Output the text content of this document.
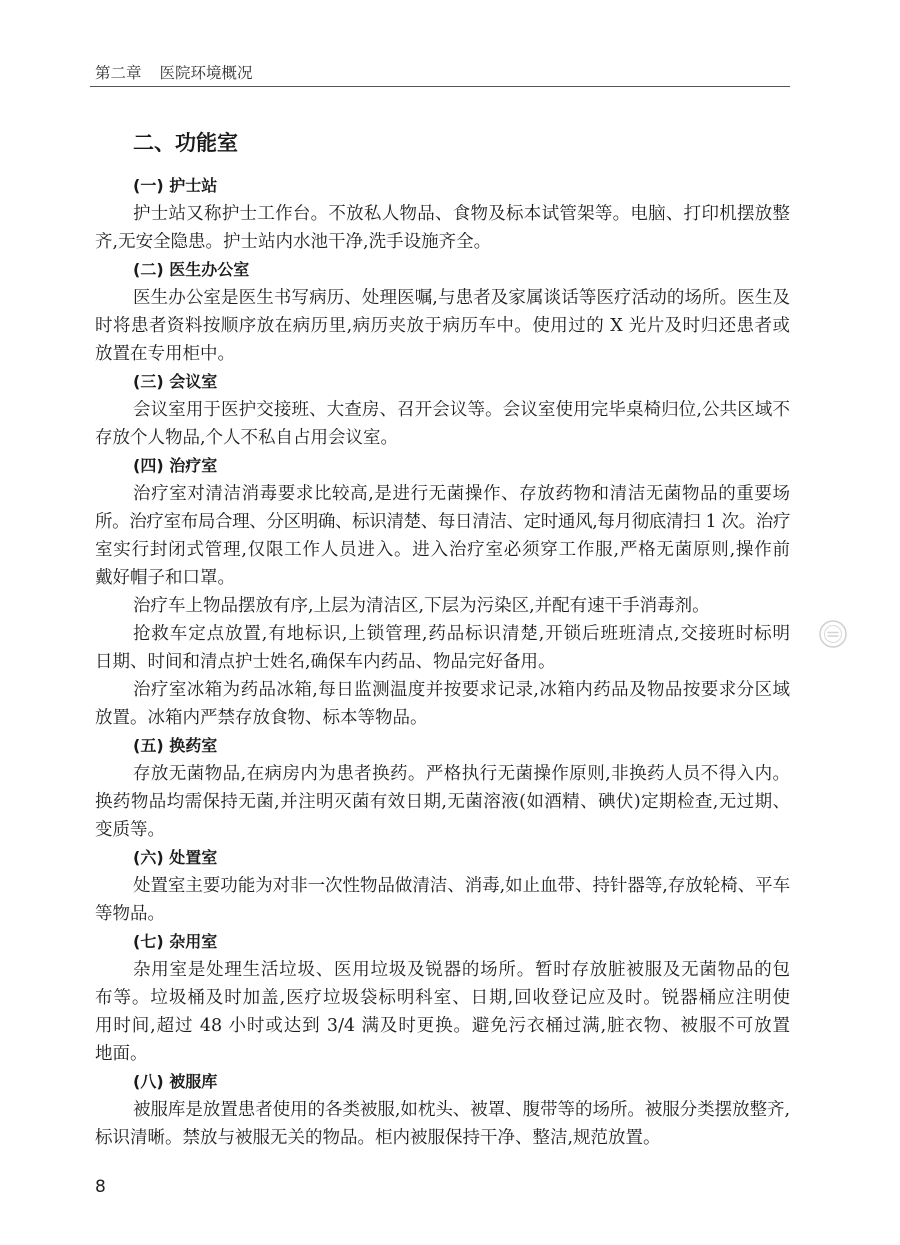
第二章 医院环境概况
二、功能室
(一) 护士站
护士站又称护士工作台。不放私人物品、食物及标本试管架等。电脑、打印机摆放整
齐,无安全隐患。护士站内水池干净,洗手设施齐全。
(二) 医生办公室
医生办公室是医生书写病历、处理医嘱,与患者及家属谈话等医疗活动的场所。医生及
时将患者资料按顺序放在病历里,病历夹放于病历车中。使用过的 X 光片及时归还患者或
放置在专用柜中。
(三) 会议室
会议室用于医护交接班、大查房、召开会议等。会议室使用完毕桌椅归位,公共区域不
存放个人物品,个人不私自占用会议室。
(四) 治疗室
治疗室对清洁消毒要求比较高,是进行无菌操作、存放药物和清洁无菌物品的重要场
所。治疗室布局合理、分区明确、标识清楚、每日清洁、定时通风,每月彻底清扫 1 次。治疗
室实行封闭式管理,仅限工作人员进入。进入治疗室必须穿工作服,严格无菌原则,操作前
戴好帽子和口罩。
治疗车上物品摆放有序,上层为清洁区,下层为污染区,并配有速干手消毒剂。
抢救车定点放置,有地标识,上锁管理,药品标识清楚,开锁后班班清点,交接班时标明
日期、时间和清点护士姓名,确保车内药品、物品完好备用。
治疗室冰箱为药品冰箱,每日监测温度并按要求记录,冰箱内药品及物品按要求分区域
放置。冰箱内严禁存放食物、标本等物品。
(五) 换药室
存放无菌物品,在病房内为患者换药。严格执行无菌操作原则,非换药人员不得入内。
换药物品均需保持无菌,并注明灭菌有效日期,无菌溶液(如酒精、碘伏)定期检查,无过期、
变质等。
(六) 处置室
处置室主要功能为对非一次性物品做清洁、消毒,如止血带、持针器等,存放轮椅、平车
等物品。
(七) 杂用室
杂用室是处理生活垃圾、医用垃圾及锐器的场所。暂时存放脏被服及无菌物品的包
布等。垃圾桶及时加盖,医疗垃圾袋标明科室、日期,回收登记应及时。锐器桶应注明使
用时间,超过 48 小时或达到 3/4 满及时更换。避免污衣桶过满,脏衣物、被服不可放置
地面。
(八) 被服库
被服库是放置患者使用的各类被服,如枕头、被罩、腹带等的场所。被服分类摆放整齐,
标识清晰。禁放与被服无关的物品。柜内被服保持干净、整洁,规范放置。
8
